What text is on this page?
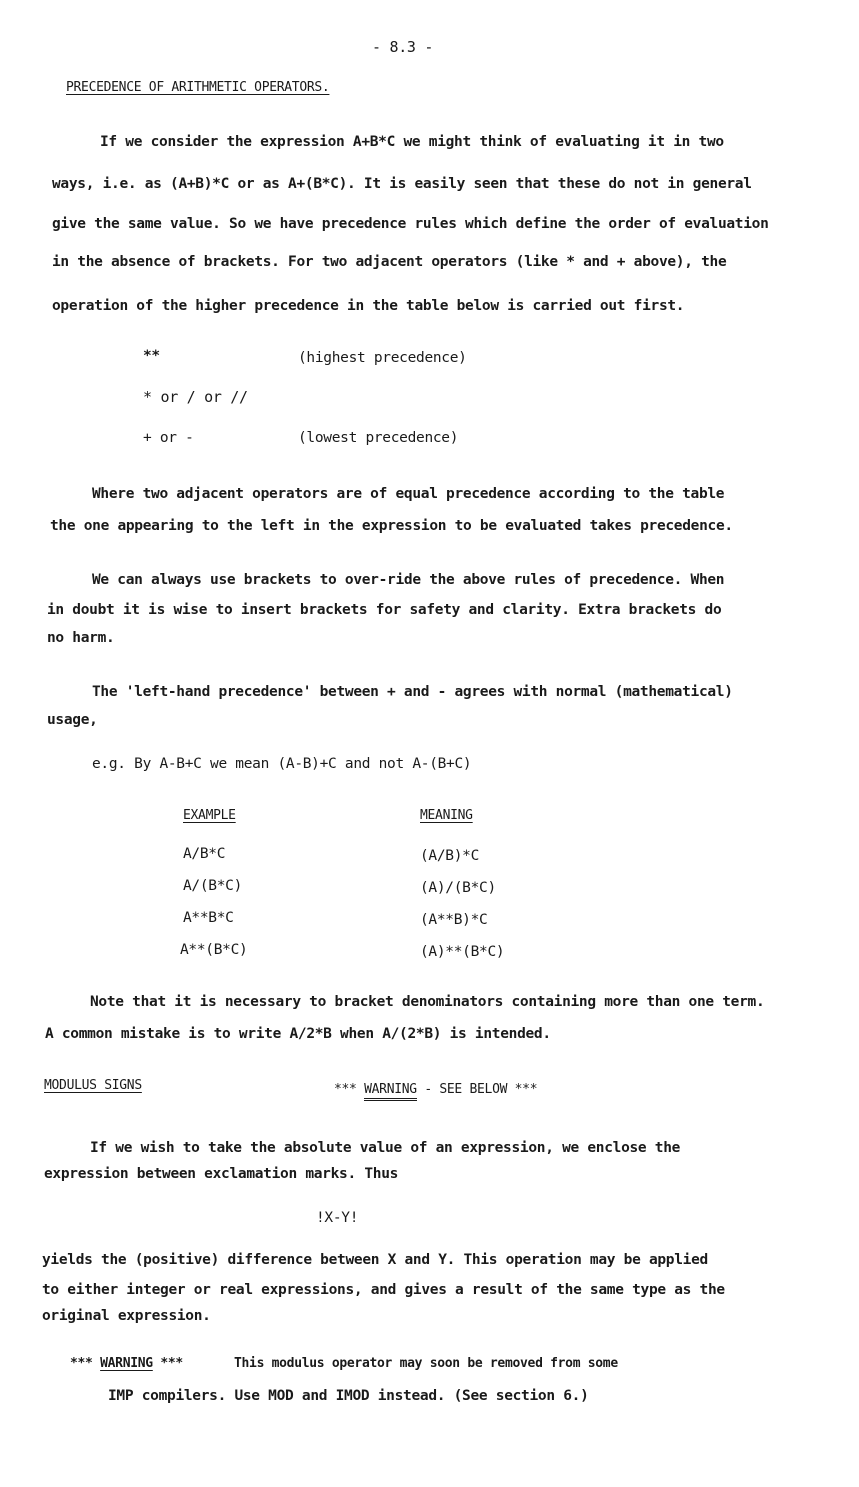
- 8.3 -
PRECEDENCE OF ARITHMETIC OPERATORS.
If we consider the expression A+B*C we might think of evaluating it in two
ways, i.e. as (A+B)*C or as A+(B*C). It is easily seen that these do not in general
give the same value. So we have precedence rules which define the order of evaluation
in the absence of brackets. For two adjacent operators (like * and + above), the
operation of the higher precedence in the table below is carried out first.
**	(highest precedence)
* or / or //
+ or -	(lowest precedence)
Where two adjacent operators are of equal precedence according to the table
the one appearing to the left in the expression to be evaluated takes precedence.
We can always use brackets to over-ride the above rules of precedence. When
in doubt it is wise to insert brackets for safety and clarity. Extra brackets do
no harm.
The 'left-hand precedence' between + and - agrees with normal (mathematical)
usage,
e.g. By A-B+C we mean (A-B)+C and not A-(B+C)
EXAMPLE	MEANING
A/B*C	(A/B)*C
A/(B*C)	(A)/(B*C)
A**B*C	(A**B)*C
A**(B*C)	(A)**(B*C)
Note that it is necessary to bracket denominators containing more than one term.
A common mistake is to write A/2*B when A/(2*B) is intended.
MODULUS SIGNS	*** WARNING - SEE BELOW ***
If we wish to take the absolute value of an expression, we enclose the
expression between exclamation marks. Thus
!X-Y!
yields the (positive) difference between X and Y. This operation may be applied
to either integer or real expressions, and gives a result of the same type as the
original expression.
*** WARNING ***	This modulus operator may soon be removed from some
IMP compilers. Use MOD and IMOD instead. (See section 6.)
